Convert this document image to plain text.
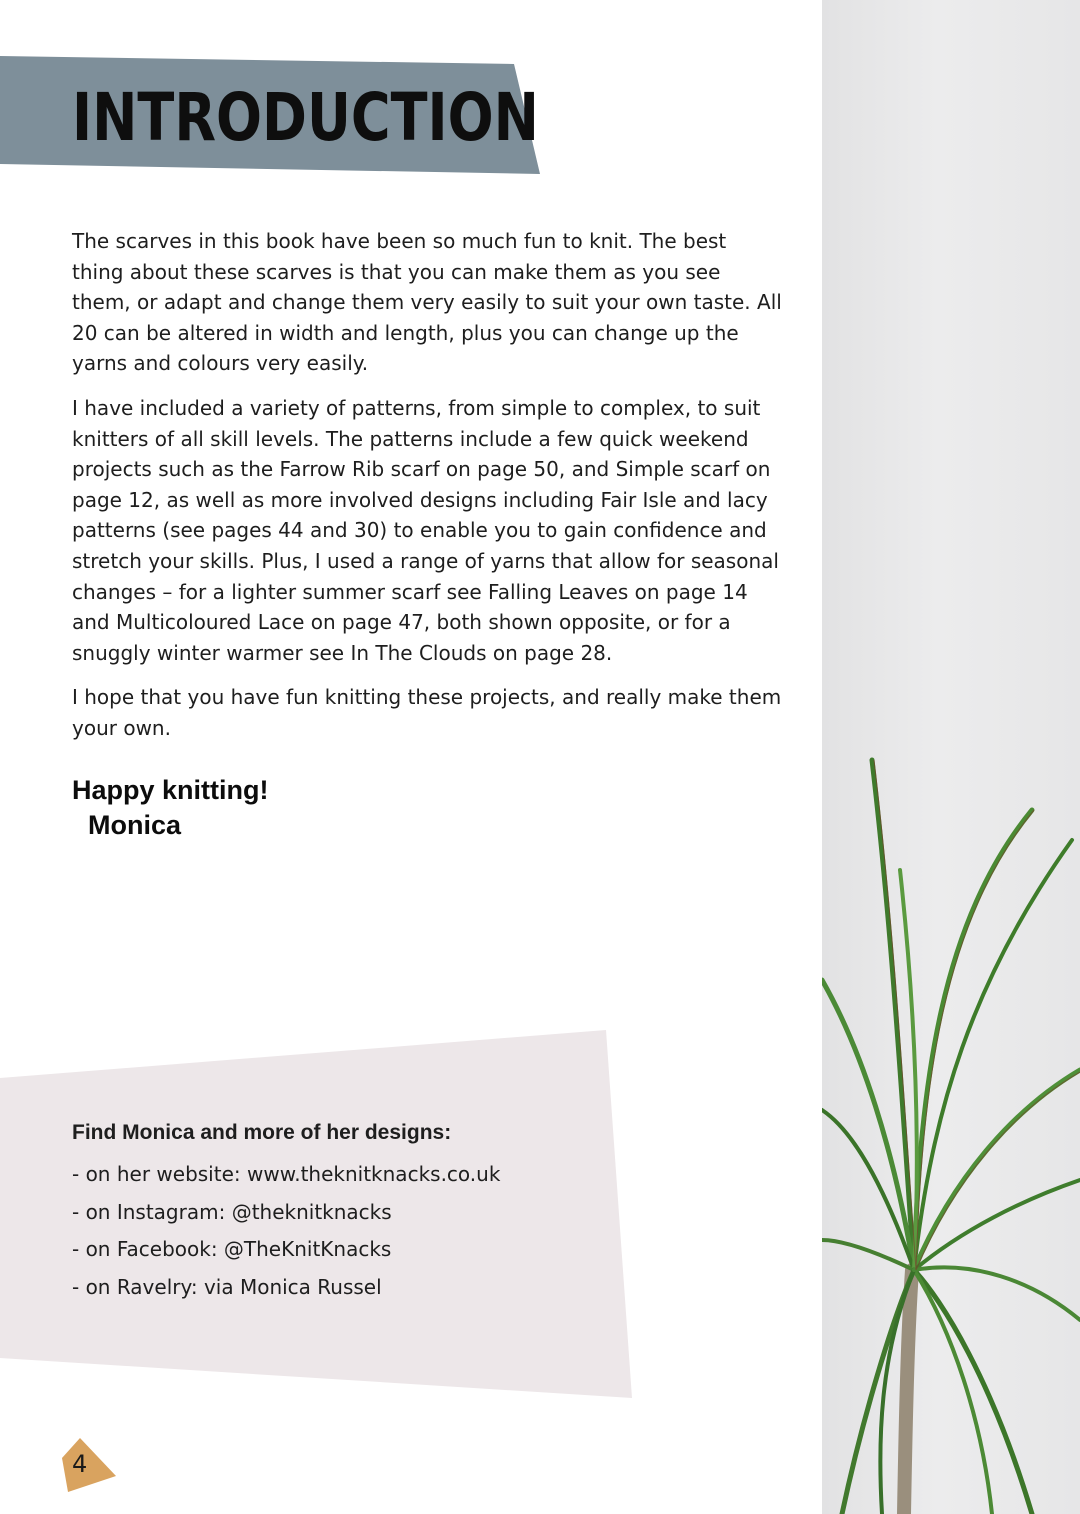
INTRODUCTION

The scarves in this book have been so much fun to knit. The best thing about these scarves is that you can make them as you see them, or adapt and change them very easily to suit your own taste. All 20 can be altered in width and length, plus you can change up the yarns and colours very easily.

I have included a variety of patterns, from simple to complex, to suit knitters of all skill levels. The patterns include a few quick weekend projects such as the Farrow Rib scarf on page 50, and Simple scarf on page 12, as well as more involved designs including Fair Isle and lacy patterns (see pages 44 and 30) to enable you to gain confidence and stretch your skills. Plus, I used a range of yarns that allow for seasonal changes – for a lighter summer scarf see Falling Leaves on page 14 and Multicoloured Lace on page 47, both shown opposite, or for a snuggly winter warmer see In The Clouds on page 28.

I hope that you have fun knitting these projects, and really make them your own.

Happy knitting!
Monica
Find Monica and more of her designs:
- on her website: www.theknitknacks.co.uk
- on Instagram: @theknitknacks
- on Facebook: @TheKnitKnacks
- on Ravelry: via Monica Russel
4
